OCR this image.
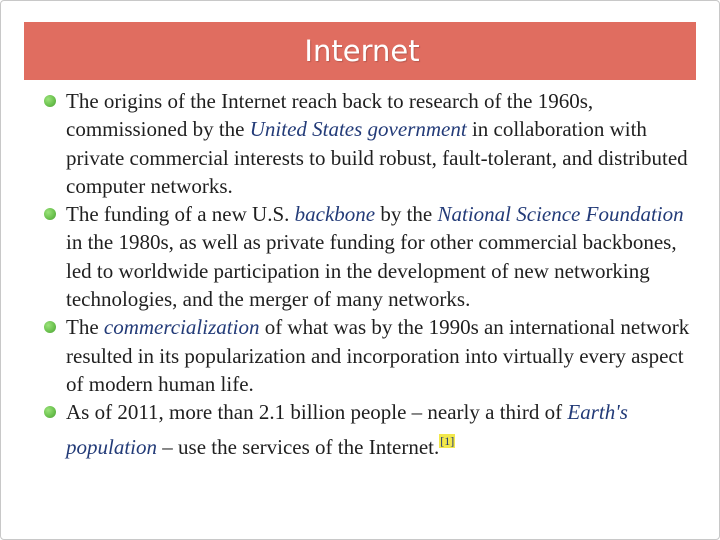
Internet
The origins of the Internet reach back to research of the 1960s, commissioned by the United States government in collaboration with private commercial interests to build robust, fault-tolerant, and distributed computer networks.
The funding of a new U.S. backbone by the National Science Foundation in the 1980s, as well as private funding for other commercial backbones, led to worldwide participation in the development of new networking technologies, and the merger of many networks.
The commercialization of what was by the 1990s an international network resulted in its popularization and incorporation into virtually every aspect of modern human life.
As of 2011, more than 2.1 billion people – nearly a third of Earth's population – use the services of the Internet.[1]
